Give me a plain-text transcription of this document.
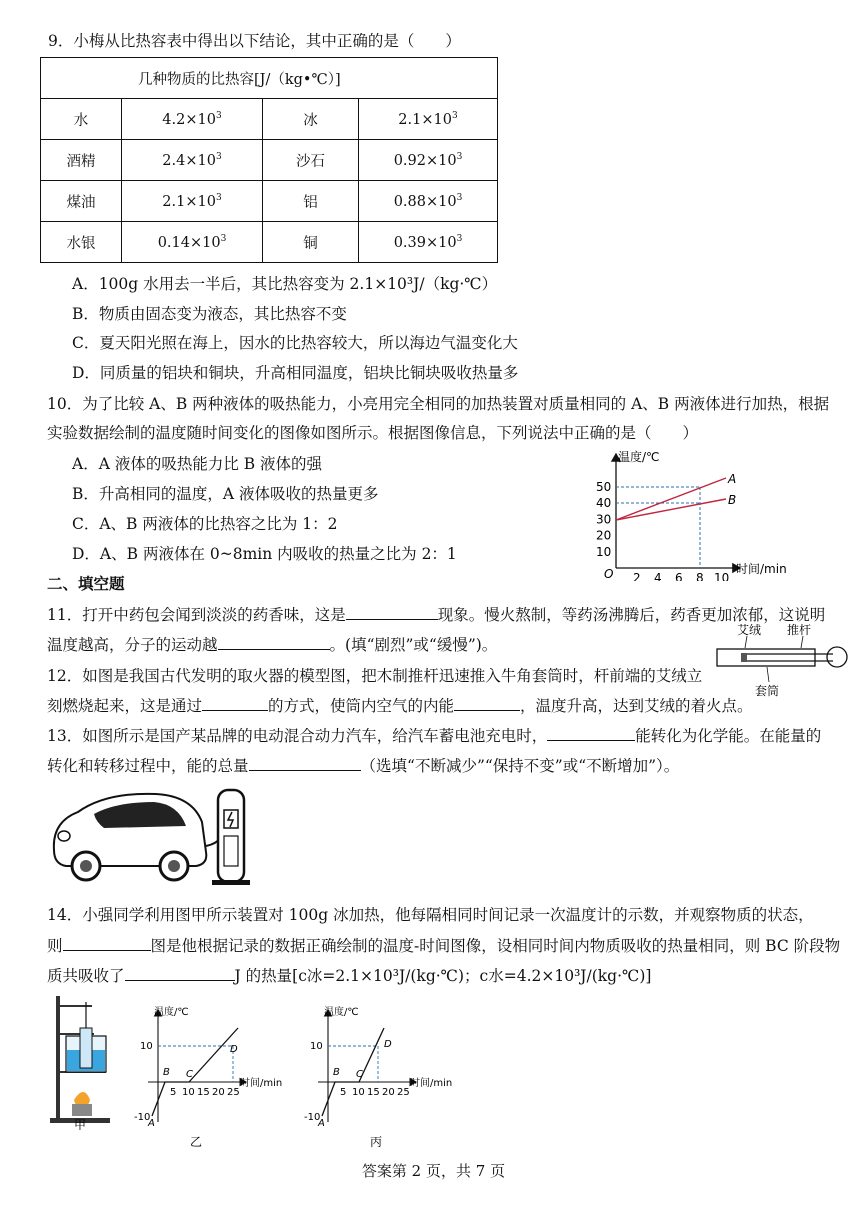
9．小梅从比热容表中得出以下结论，其中正确的是（　　）
几种物质的比热容[J/（kg•℃）]			
水	$4.2\times 10^3$	冰	$2.1\times 10^3$
酒精	$2.4\times 10^3$	沙石	$0.92\times 10^3$
煤油	$2.1\times 10^3$	铝	$0.88\times 10^3$
水银	$0.14\times 10^3$	铜	$0.39\times 10^3$
A．100g 水用去一半后，其比热容变为 2.1×10³J/（kg·℃）
B．物质由固态变为液态，其比热容不变
C．夏天阳光照在海上，因水的比热容较大，所以海边气温变化大
D．同质量的铝块和铜块，升高相同温度，铝块比铜块吸收热量多
10．为了比较 A、B 两种液体的吸热能力，小亮用完全相同的加热装置对质量相同的 A、B 两液体进行加热，根据
实验数据绘制的温度随时间变化的图像如图所示。根据图像信息，下列说法中正确的是（　　）
A．A 液体的吸热能力比 B 液体的强
B．升高相同的温度，A 液体吸收的热量更多
C．A、B 两液体的比热容之比为 1：2
D．A、B 两液体在 0~8min 内吸收的热量之比为 2：1
温度/℃
时间/min
O
10
20
30
40
50
2 4 6 8 10
A
B
二、填空题
11．打开中药包会闻到淡淡的药香味，这是	现象。慢火熬制，等药汤沸腾后，药香更加浓郁，这说明
温度越高，分子的运动越	。(填“剧烈”或“缓慢”)。
12．如图是我国古代发明的取火器的模型图，把木制推杆迅速推入牛角套筒时，杆前端的艾绒立
刻燃烧起来，这是通过	的方式，使筒内空气的内能	，温度升高，达到艾绒的着火点。
艾绒 推杆
套筒
13．如图所示是国产某品牌的电动混合动力汽车，给汽车蓄电池充电时，	能转化为化学能。在能量的
转化和转移过程中，能的总量	（选填“不断减少”“保持不变”或“不断增加”）。
14．小强同学利用图甲所示装置对 100g 冰加热，他每隔相同时间记录一次温度计的示数，并观察物质的状态，
则	图是他根据记录的数据正确绘制的温度-时间图像，设相同时间内物质吸收的热量相同，则 BC 阶段物
质共吸收了	J 的热量[c冰=2.1×10³J/(kg·℃)；c水=4.2×10³J/(kg·℃)]
甲
温度/℃
时间/min
10
-10
5 10 15 20 25
A
B C
D
乙
温度/℃
时间/min
10
-10
5 10 15 20 25
A
B C
D
丙
答案第 2 页，共 7 页
